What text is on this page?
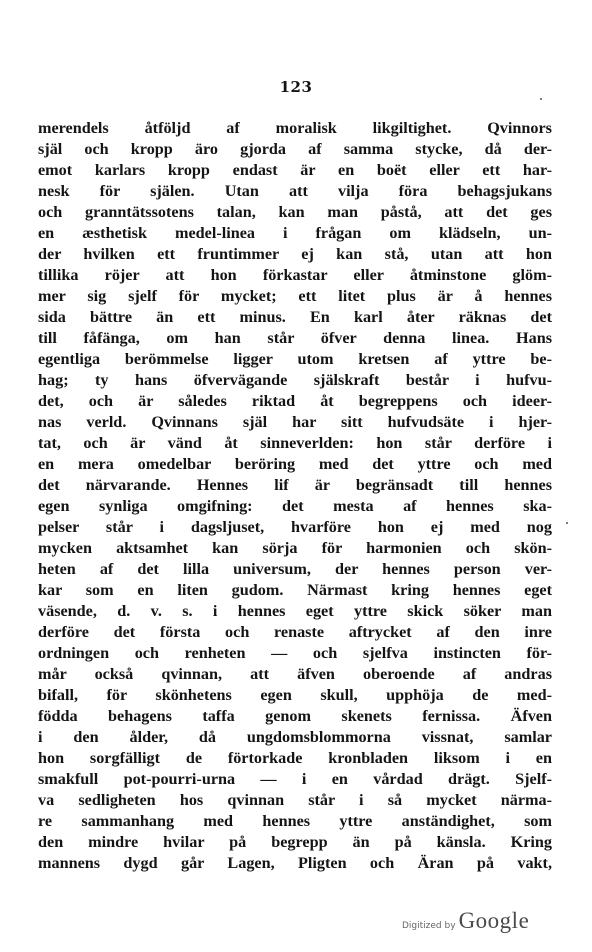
123
merendels åtföljd af moralisk likgiltighet. Qvinnors
själ och kropp äro gjorda af samma stycke, då der-
emot karlars kropp endast är en boët eller ett har-
nesk för själen. Utan att vilja föra behagsjukans
och granntätssotens talan, kan man påstå, att det ges
en æsthetisk medel-linea i frågan om klädseln, un-
der hvilken ett fruntimmer ej kan stå, utan att hon
tillika röjer att hon förkastar eller åtminstone glöm-
mer sig sjelf för mycket; ett litet plus är å hennes
sida bättre än ett minus. En karl åter räknas det
till fåfänga, om han står öfver denna linea. Hans
egentliga berömmelse ligger utom kretsen af yttre be-
hag; ty hans öfvervägande själskraft består i hufvu-
det, och är således riktad åt begreppens och ideer-
nas verld. Qvinnans själ har sitt hufvudsäte i hjer-
tat, och är vänd åt sinneverlden: hon står derföre i
en mera omedelbar beröring med det yttre och med
det närvarande. Hennes lif är begränsadt till hennes
egen synliga omgifning: det mesta af hennes ska-
pelser står i dagsljuset, hvarföre hon ej med nog
mycken aktsamhet kan sörja för harmonien och skön-
heten af det lilla universum, der hennes person ver-
kar som en liten gudom. Närmast kring hennes eget
väsende, d. v. s. i hennes eget yttre skick söker man
derföre det första och renaste aftrycket af den inre
ordningen och renheten — och sjelfva instincten för-
mår också qvinnan, att äfven oberoende af andras
bifall, för skönhetens egen skull, upphöja de med-
födda behagens taffa genom skenets fernissa. Äfven
i den ålder, då ungdomsblommorna vissnat, samlar
hon sorgfälligt de förtorkade kronbladen liksom i en
smakfull pot-pourri-urna — i en vårdad drägt. Sjelf-
va sedligheten hos qvinnan står i så mycket närma-
re sammanhang med hennes yttre anständighet, som
den mindre hvilar på begrepp än på känsla. Kring
mannens dygd går Lagen, Pligten och Äran på vakt,
Digitized by Google
